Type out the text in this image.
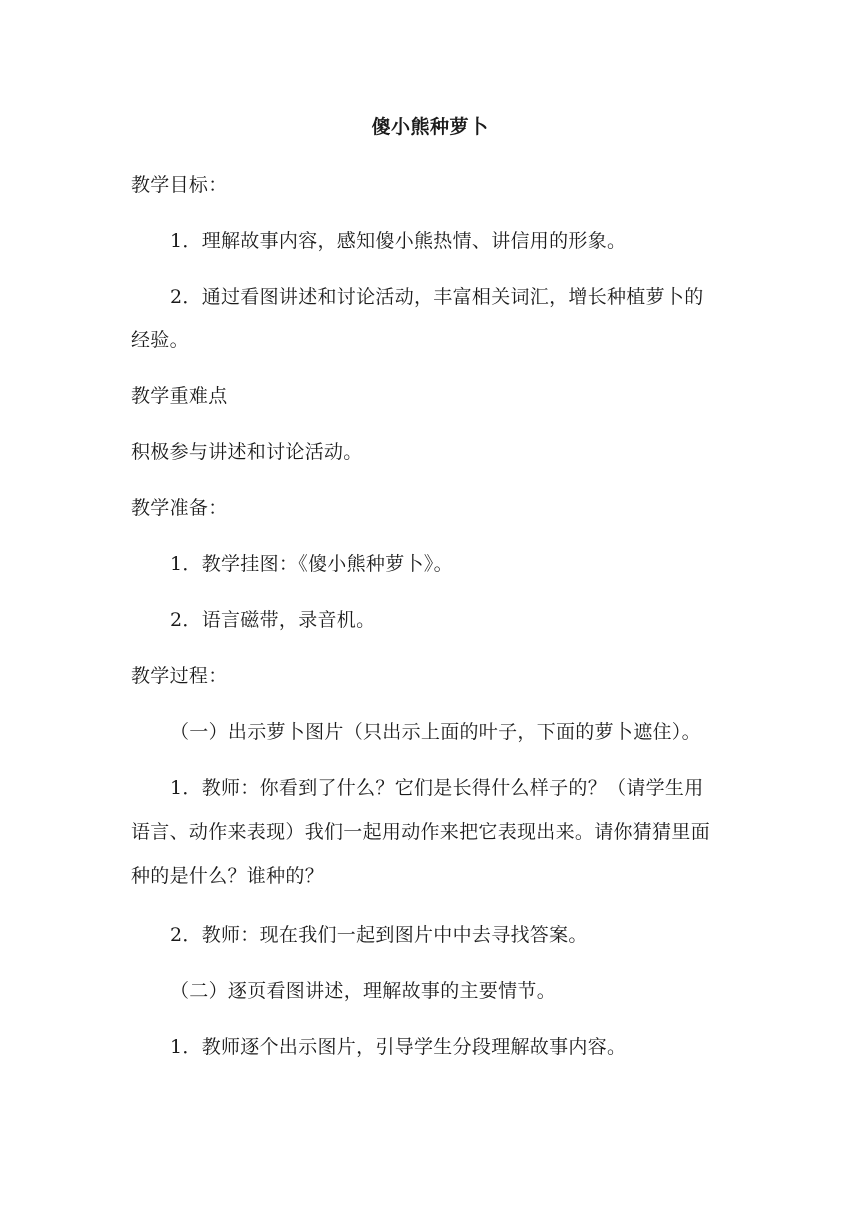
傻小熊种萝卜
教学目标：
1．理解故事内容，感知傻小熊热情、讲信用的形象。
2．通过看图讲述和讨论活动，丰富相关词汇，增长种植萝卜的
经验。
教学重难点
积极参与讲述和讨论活动。
教学准备：
1．教学挂图：《傻小熊种萝卜》。
2．语言磁带，录音机。
教学过程：
（一）出示萝卜图片（只出示上面的叶子，下面的萝卜遮住）。
1．教师：你看到了什么？它们是长得什么样子的？（请学生用
语言、动作来表现）我们一起用动作来把它表现出来。请你猜猜里面
种的是什么？谁种的？
2．教师：现在我们一起到图片中中去寻找答案。
（二）逐页看图讲述，理解故事的主要情节。
1．教师逐个出示图片，引导学生分段理解故事内容。
